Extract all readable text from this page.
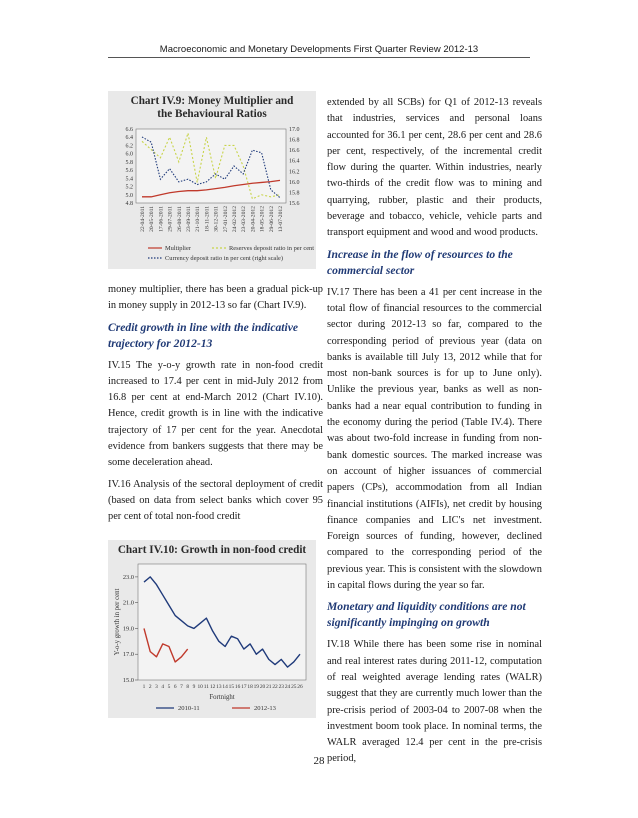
Macroeconomic and Monetary Developments First Quarter Review 2012-13
Chart IV.9: Money Multiplier and the Behavioural Ratios
4.8
5.0
5.2
5.4
5.6
5.8
6.0
6.2
6.4
6.6
15.6
15.8
16.0
16.2
16.4
16.6
16.8
17.0
22-04-2011 20-05-2011 17-06-2011 29-07-2011 26-08-2011 23-09-2011 21-10-2011 18-11-2011 30-12-2011 27-01-2012 24-02-2012 23-03-2012 20-04-2012 18-05-2012 29-06-2012 13-07-2012
Multiplier	Reserves deposit ratio in per cent
Currency deposit ratio in per cent (right scale)
Chart IV.10: Growth in non-food credit
15.0
17.0
19.0
21.0
23.0
1 2 3 4 5 6 7 8 9 10 11 12 13 14 15 16 17 18 19 20 21 22 23 24 25 26
Fortnight
Y-o-y growth in per cent
2010-11	2012-13

money multiplier, there has been a gradual pick-up in money supply in 2012-13 so far (Chart IV.9).

Credit growth in line with the indicative trajectory for 2012-13

IV.15 The y-o-y growth rate in non-food credit increased to 17.4 per cent in mid-July 2012 from 16.8 per cent at end-March 2012 (Chart IV.10). Hence, credit growth is in line with the indicative trajectory of 17 per cent for the year. Anecdotal evidence from bankers suggests that there may be some deceleration ahead.

IV.16 Analysis of the sectoral deployment of credit (based on data from select banks which cover 95 per cent of total non-food credit

extended by all SCBs) for Q1 of 2012-13 reveals that industries, services and personal loans accounted for 36.1 per cent, 28.6 per cent and 28.6 per cent, respectively, of the incremental credit flow during the quarter. Within industries, nearly two-thirds of the credit flow was to mining and quarrying, rubber, plastic and their products, beverage and tobacco, vehicle, vehicle parts and transport equipment and wood and wood products.

Increase in the flow of resources to the commercial sector

IV.17 There has been a 41 per cent increase in the total flow of financial resources to the commercial sector during 2012-13 so far, compared to the corresponding period of previous year (data on banks is available till July 13, 2012 while that for most non-bank sources is for up to June only). Unlike the previous year, banks as well as non-banks had a near equal contribution to funding in the economy during the period (Table IV.4). There was about two-fold increase in funding from non-bank domestic sources. The marked increase was on account of higher issuances of commercial papers (CPs), accommodation from all Indian financial institutions (AIFIs), net credit by housing finance companies and LIC's net investment. Foreign sources of funding, however, declined compared to the corresponding period of the previous year. This is consistent with the slowdown in capital flows during the year so far.

Monetary and liquidity conditions are not significantly impinging on growth

IV.18 While there has been some rise in nominal and real interest rates during 2011-12, computation of real weighted average lending rates (WALR) suggest that they are currently much lower than the pre-crisis period of 2003-04 to 2007-08 when the investment boom took place. In nominal terms, the WALR averaged 12.4 per cent in the pre-crisis period,

28
